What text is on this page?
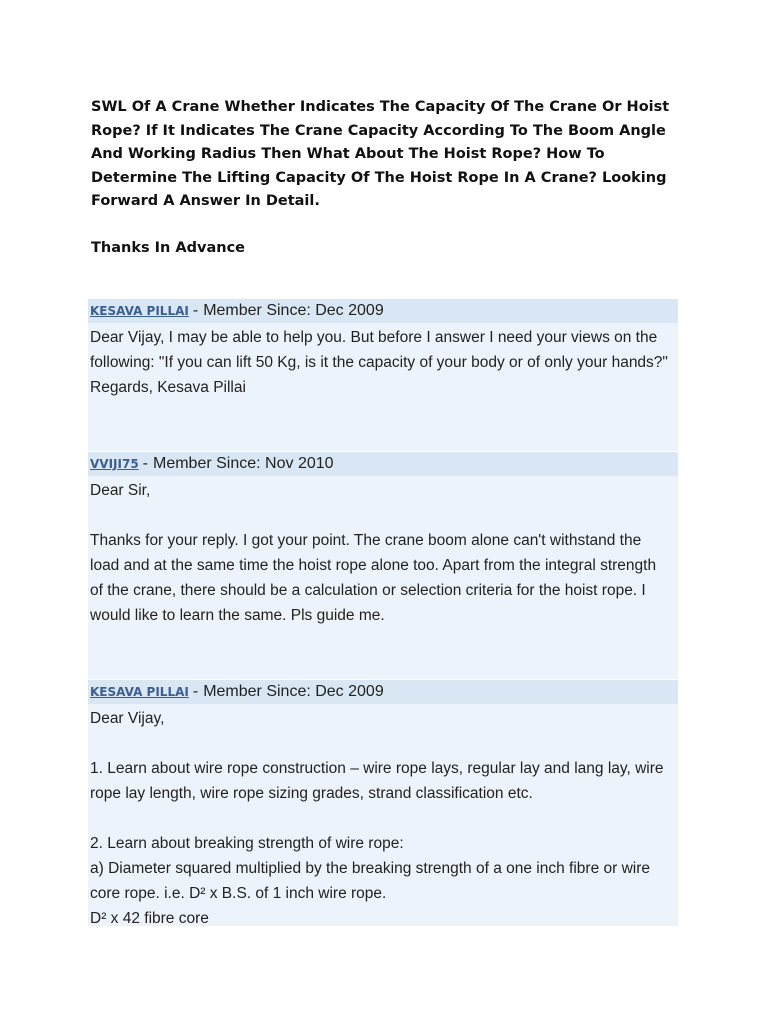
SWL Of A Crane Whether Indicates The Capacity Of The Crane Or Hoist Rope? If It Indicates The Crane Capacity According To The Boom Angle And Working Radius Then What About The Hoist Rope? How To Determine The Lifting Capacity Of The Hoist Rope In A Crane? Looking Forward A Answer In Detail.

Thanks In Advance

KESAVA PILLAI - Member Since: Dec 2009

Dear Vijay, I may be able to help you. But before I answer I need your views on the following: "If you can lift 50 Kg, is it the capacity of your body or of only your hands?" Regards, Kesava Pillai

VVIJI75 - Member Since: Nov 2010

Dear Sir,

Thanks for your reply. I got your point. The crane boom alone can't withstand the load and at the same time the hoist rope alone too. Apart from the integral strength of the crane, there should be a calculation or selection criteria for the hoist rope. I would like to learn the same. Pls guide me.

KESAVA PILLAI - Member Since: Dec 2009

Dear Vijay,

1. Learn about wire rope construction – wire rope lays, regular lay and lang lay, wire rope lay length, wire rope sizing grades, strand classification etc.

2. Learn about breaking strength of wire rope:

a) Diameter squared multiplied by the breaking strength of a one inch fibre or wire core rope. i.e. D² x B.S. of 1 inch wire rope.

D² x 42 fibre core
